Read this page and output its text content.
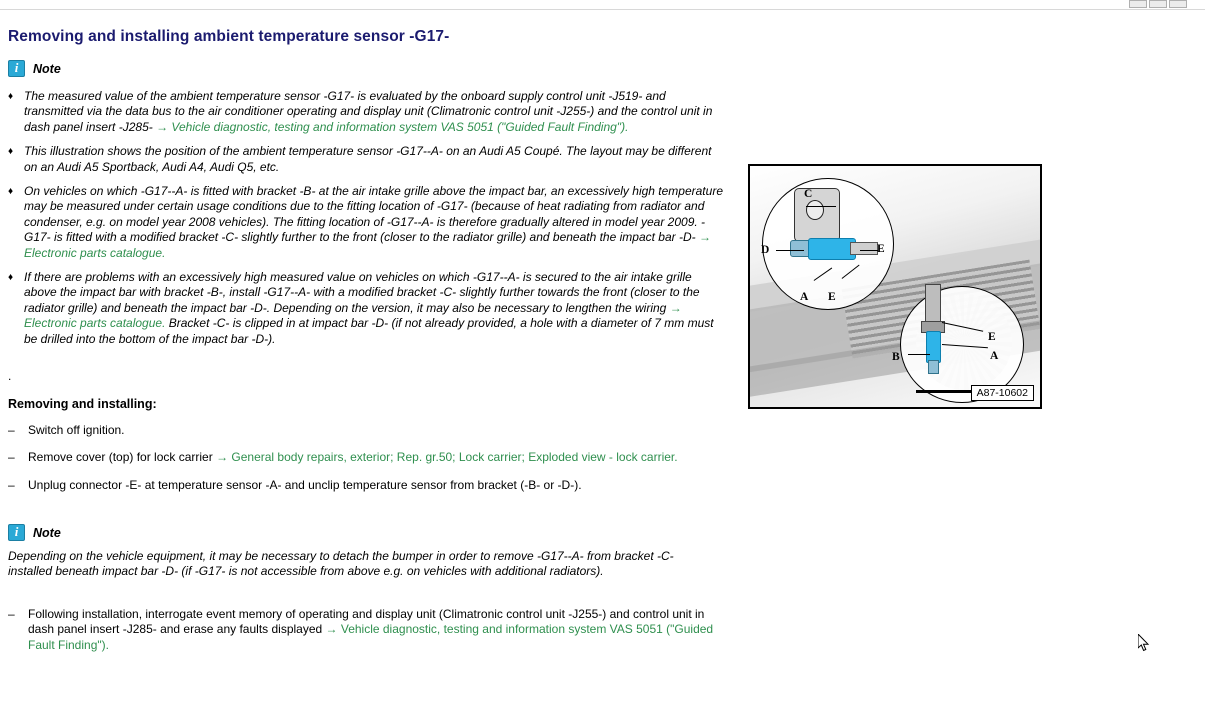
Removing and installing ambient temperature sensor -G17-
i
Note
♦ The measured value of the ambient temperature sensor -G17- is evaluated by the onboard supply control unit -J519- and transmitted via the data bus to the air conditioner operating and display unit (Climatronic control unit -J255-) and the control unit in dash panel insert -J285- → Vehicle diagnostic, testing and information system VAS 5051 ("Guided Fault Finding").
♦ This illustration shows the position of the ambient temperature sensor -G17--A- on an Audi A5 Coupé. The layout may be different on an Audi A5 Sportback, Audi A4, Audi Q5, etc.
♦ On vehicles on which -G17--A- is fitted with bracket -B- at the air intake grille above the impact bar, an excessively high temperature may be measured under certain usage conditions due to the fitting location of -G17- (because of heat radiating from radiator and condenser, e.g. on model year 2008 vehicles). The fitting location of -G17--A- is therefore gradually altered in model year 2009. -G17- is fitted with a modified bracket -C- slightly further to the front (closer to the radiator grille) and beneath the impact bar -D- → Electronic parts catalogue.
♦ If there are problems with an excessively high measured value on vehicles on which -G17--A- is secured to the air intake grille above the impact bar with bracket -B-, install -G17--A- with a modified bracket -C- slightly further towards the front (closer to the radiator grille) and beneath the impact bar -D-. Depending on the version, it may also be necessary to lengthen the wiring → Electronic parts catalogue. Bracket -C- is clipped in at impact bar -D- (if not already provided, a hole with a diameter of 7 mm must be drilled into the bottom of the impact bar -D-).
.
Removing and installing:
–	Switch off ignition.
–	Remove cover (top) for lock carrier → General body repairs, exterior; Rep. gr.50; Lock carrier; Exploded view - lock carrier.
–	Unplug connector -E- at temperature sensor -A- and unclip temperature sensor from bracket (-B- or -D-).
i
Note
Depending on the vehicle equipment, it may be necessary to detach the bumper in order to remove -G17--A- from bracket -C- installed beneath impact bar -D- (if -G17- is not accessible from above e.g. on vehicles with additional radiators).
–	Following installation, interrogate event memory of operating and display unit (Climatronic control unit -J255-) and control unit in dash panel insert -J285- and erase any faults displayed → Vehicle diagnostic, testing and information system VAS 5051 ("Guided Fault Finding").
C
D	E
A E
E
A
B
A87-10602
